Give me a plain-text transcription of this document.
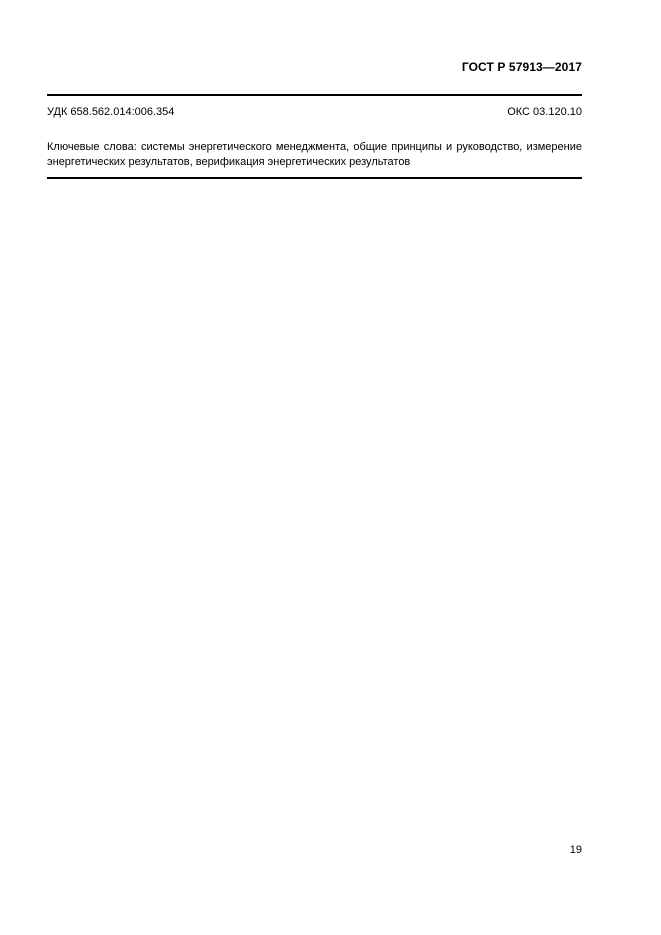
ГОСТ Р 57913—2017
УДК 658.562.014:006.354	ОКС 03.120.10
Ключевые слова: системы энергетического менеджмента, общие принципы и руководство, измерение энергетических результатов, верификация энергетических результатов
19
